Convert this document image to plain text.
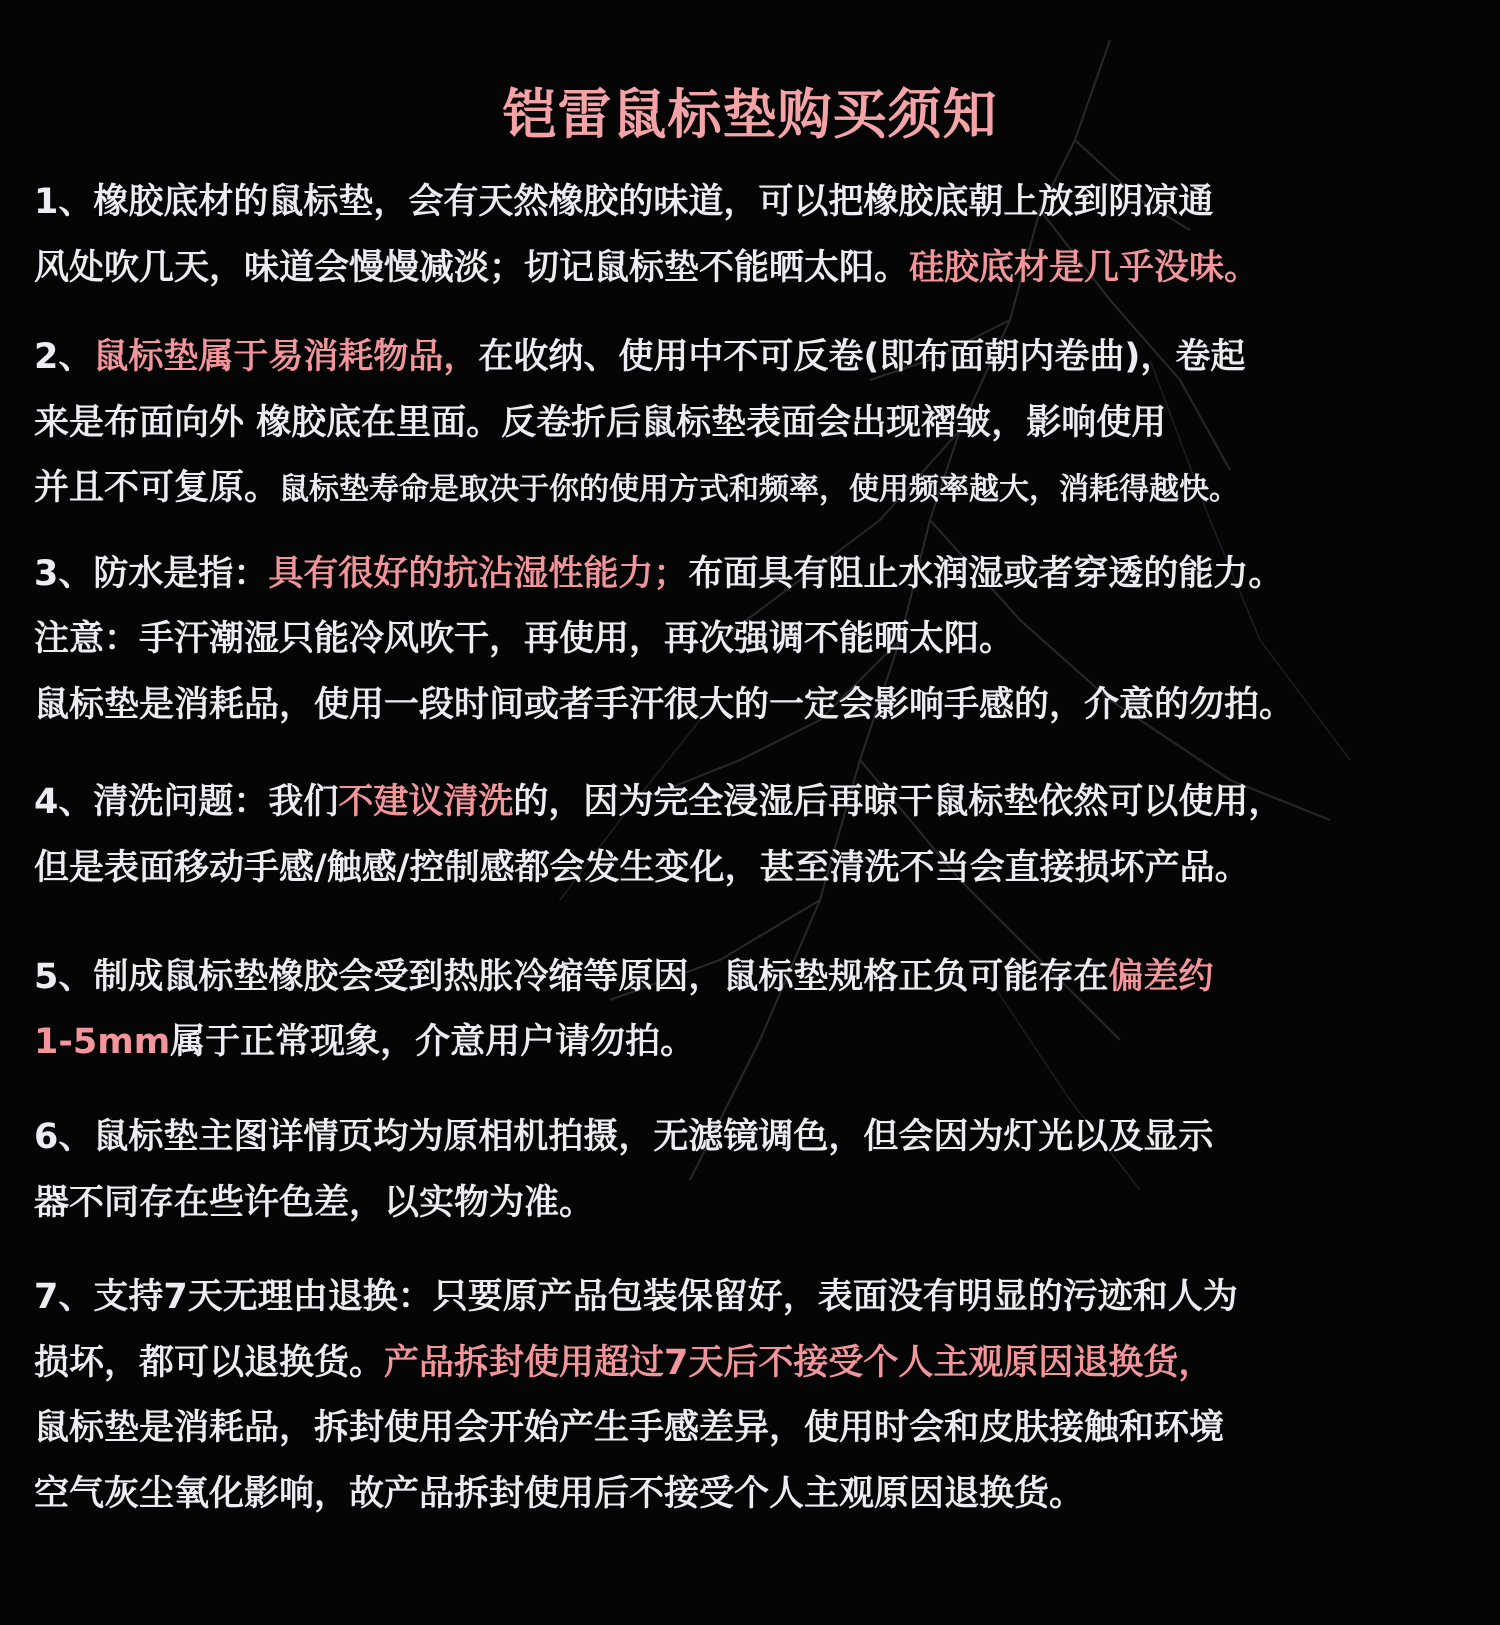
铠雷鼠标垫购买须知
1、橡胶底材的鼠标垫，会有天然橡胶的味道，可以把橡胶底朝上放到阴凉通
风处吹几天，味道会慢慢减淡；切记鼠标垫不能晒太阳。硅胶底材是几乎没味。
2、鼠标垫属于易消耗物品，在收纳、使用中不可反卷(即布面朝内卷曲)，卷起
来是布面向外 橡胶底在里面。反卷折后鼠标垫表面会出现褶皱，影响使用
并且不可复原。鼠标垫寿命是取决于你的使用方式和频率，使用频率越大，消耗得越快。
3、防水是指：具有很好的抗沾湿性能力；布面具有阻止水润湿或者穿透的能力。
注意：手汗潮湿只能冷风吹干，再使用，再次强调不能晒太阳。
鼠标垫是消耗品，使用一段时间或者手汗很大的一定会影响手感的，介意的勿拍。
4、清洗问题：我们不建议清洗的，因为完全浸湿后再晾干鼠标垫依然可以使用，
但是表面移动手感/触感/控制感都会发生变化，甚至清洗不当会直接损坏产品。
5、制成鼠标垫橡胶会受到热胀冷缩等原因，鼠标垫规格正负可能存在偏差约
1-5mm属于正常现象，介意用户请勿拍。
6、鼠标垫主图详情页均为原相机拍摄，无滤镜调色，但会因为灯光以及显示
器不同存在些许色差，以实物为准。
7、支持7天无理由退换：只要原产品包装保留好，表面没有明显的污迹和人为
损坏，都可以退换货。产品拆封使用超过7天后不接受个人主观原因退换货，
鼠标垫是消耗品，拆封使用会开始产生手感差异，使用时会和皮肤接触和环境
空气灰尘氧化影响，故产品拆封使用后不接受个人主观原因退换货。
